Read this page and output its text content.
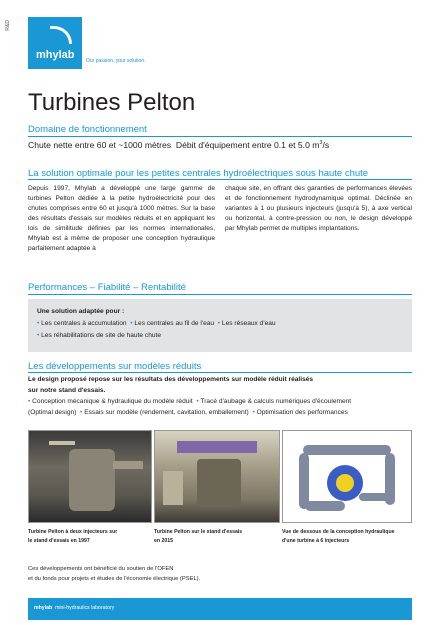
R&D
mhylab Our passion, your solution.
Turbines Pelton
Domaine de fonctionnement
Chute nette entre 60 et ~1000 mètres Débit d'équipement entre 0.1 et 5.0 $m^3/s$
La solution optimale pour les petites centrales hydroélectriques sous haute chute
Depuis 1997, Mhylab a développé une large gamme de turbines Pelton dédiée à la petite hydroélectricité pour des chutes comprises entre 60 et jusqu'à 1000 mètres. Sur la base des résultats d'essais sur modèles réduits et en appliquant les lois de similitude définies par les normes internationales, Mhylab est à même de proposer une conception hydraulique parfaitement adaptée à
chaque site, en offrant des garanties de performances élevées et de fonctionnement hydrodynamique optimal. Déclinée en variantes à 1 ou plusieurs injecteurs (jusqu'à 5), à axe vertical ou horizontal, à contre-pression ou non, le design développé par Mhylab permet de multiples implantations.
Performances – Fiabilité – Rentabilité
Une solution adaptée pour :
• Les centrales à accumulation • Les centrales au fil de l'eau • Les réseaux d'eau
• Les réhabilitations de site de haute chute
Les développements sur modèles réduits
Le design proposé repose sur les résultats des développements sur modèle réduit réalisés
sur notre stand d'essais.
• Conception mécanique & hydraulique du modèle réduit • Tracé d'aubage & calculs numériques d'écoulement
(Optimal design) • Essais sur modèle (rendement, cavitation, emballement) • Optimisation des performances
Turbine Pelton à deux injecteurs sur
le stand d'essais en 1997
Turbine Pelton sur le stand d'essais
en 2015
Vue de dessous de la conception hydraulique
d'une turbine à 6 injecteurs
Ces développements ont bénéficié du soutien de l'OFEN
et du fonds pour projets et études de l'économie électrique (PSEL).
mhylab mini-hydraulics laboratory
